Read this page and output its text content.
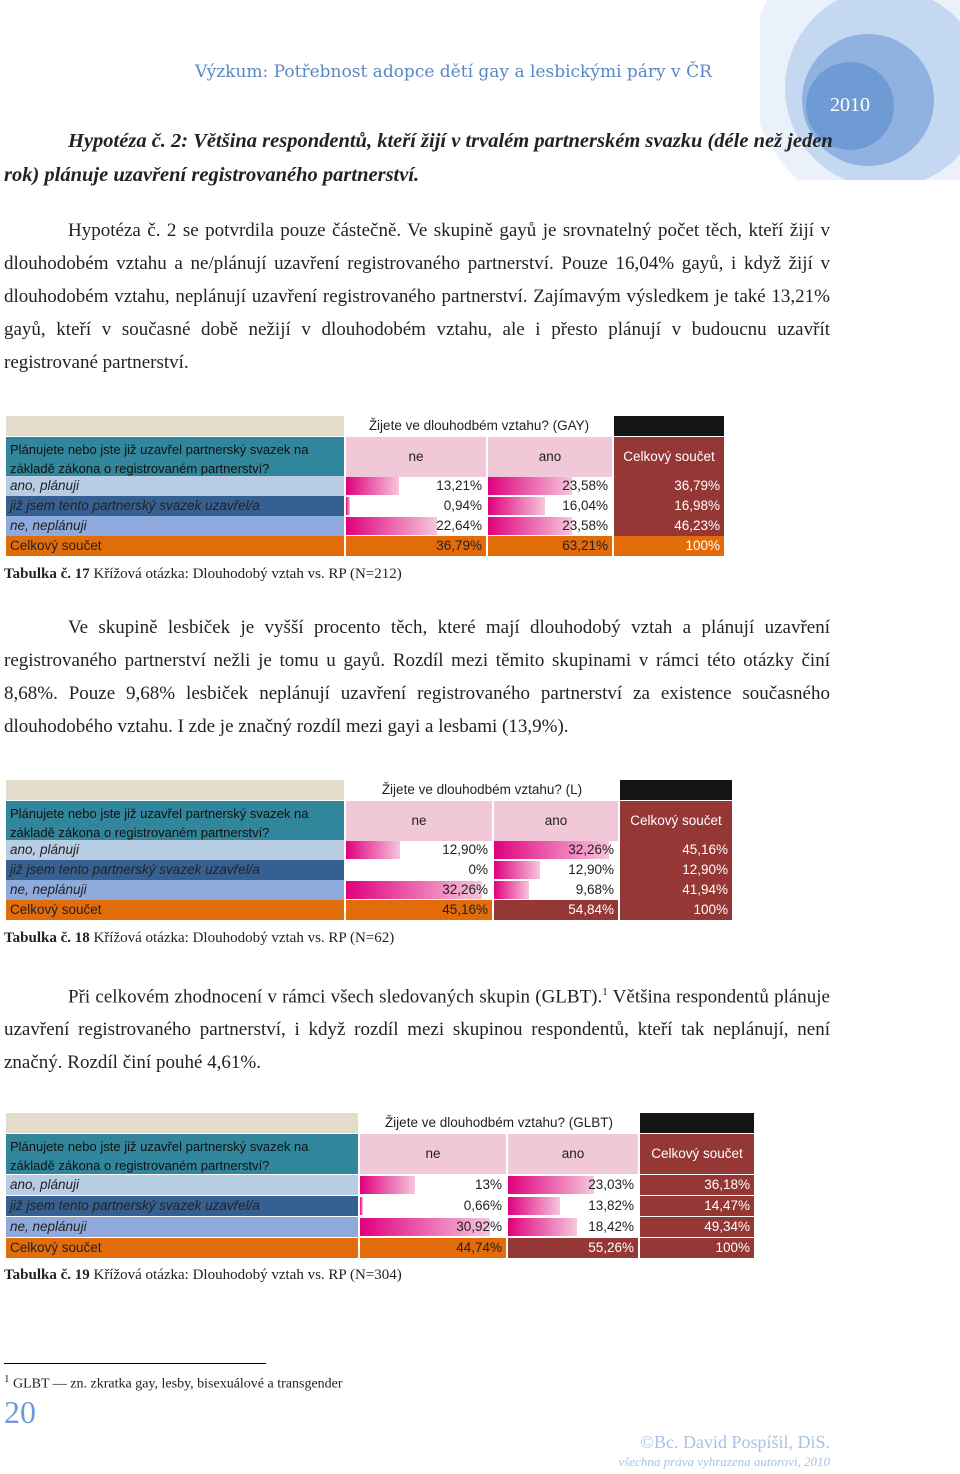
Výzkum: Potřebnost adopce dětí gay a lesbickými páry v ČR
2010
Hypotéza č. 2: Většina respondentů, kteří žijí v trvalém partnerském svazku (déle než jeden rok) plánuje uzavření registrovaného partnerství.
Hypotéza č. 2 se potvrdila pouze částečně. Ve skupině gayů je srovnatelný počet těch, kteří žijí v dlouhodobém vztahu a ne/plánují uzavření registrovaného partnerství. Pouze 16,04% gayů, i když žijí v dlouhodobém vztahu, neplánují uzavření registrovaného partnerství. Zajímavým výsledkem je také 13,21% gayů, kteří v současné době nežijí v dlouhodobém vztahu, ale i přesto plánují v budoucnu uzavřít registrované partnerství.
Žijete ve dlouhodbém vztahu? (GAY)
Plánujete nebo jste již uzavřel partnerský svazek na základě zákona o registrovaném partnerství?
ne	ano	Celkový součet
ano, plánuji	13,21%	23,58%	36,79%
již jsem tento partnerský svazek uzavřel/a	0,94%	16,04%	16,98%
ne, neplánuji	22,64%	23,58%	46,23%
Celkový součet	36,79%	63,21%	100%
Tabulka č. 17 Křížová otázka: Dlouhodobý vztah vs. RP (N=212)
Ve skupině lesbiček je vyšší procento těch, které mají dlouhodobý vztah a plánují uzavření registrovaného partnerství nežli je tomu u gayů. Rozdíl mezi těmito skupinami v rámci této otázky činí 8,68%. Pouze 9,68% lesbiček neplánují uzavření registrovaného partnerství za existence současného dlouhodobého vztahu. I zde je značný rozdíl mezi gayi a lesbami (13,9%).
Žijete ve dlouhodbém vztahu? (L)
Plánujete nebo jste již uzavřel partnerský svazek na základě zákona o registrovaném partnerství?
ne	ano	Celkový součet
ano, plánuji	12,90%	32,26%	45,16%
již jsem tento partnerský svazek uzavřel/a	0%	12,90%	12,90%
ne, neplánuji	32,26%	9,68%	41,94%
Celkový součet	45,16%	54,84%	100%
Tabulka č. 18 Křížová otázka: Dlouhodobý vztah vs. RP (N=62)
Při celkovém zhodnocení v rámci všech sledovaných skupin (GLBT).$^1$ Většina respondentů plánuje uzavření registrovaného partnerství, i když rozdíl mezi skupinou respondentů, kteří tak neplánují, není značný. Rozdíl činí pouhé 4,61%.
Žijete ve dlouhodbém vztahu? (GLBT)
Plánujete nebo jste již uzavřel partnerský svazek na základě zákona o registrovaném partnerství?
ne	ano	Celkový součet
ano, plánuji	13%	23,03%	36,18%
již jsem tento partnerský svazek uzavřel/a	0,66%	13,82%	14,47%
ne, neplánuji	30,92%	18,42%	49,34%
Celkový součet	44,74%	55,26%	100%
Tabulka č. 19 Křížová otázka: Dlouhodobý vztah vs. RP (N=304)
$^1$ GLBT — zn. zkratka gay, lesby, bisexuálové a transgender
20
©Bc. David Pospíšil, DiS.
všechna práva vyhrazena autorovi, 2010
